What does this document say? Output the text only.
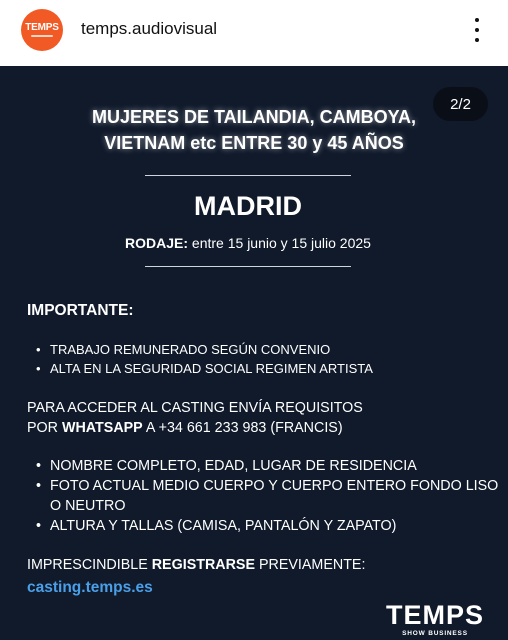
TEMPS temps.audiovisual
2/2
MUJERES DE TAILANDIA, CAMBOYA,
VIETNAM etc ENTRE 30 y 45 AÑOS
MADRID
RODAJE: entre 15 junio y 15 julio 2025
IMPORTANTE:
• TRABAJO REMUNERADO SEGÚN CONVENIO
• ALTA EN LA SEGURIDAD SOCIAL REGIMEN ARTISTA
PARA ACCEDER AL CASTING ENVÍA REQUISITOS
POR WHATSAPP A +34 661 233 983 (FRANCIS)
• NOMBRE COMPLETO, EDAD, LUGAR DE RESIDENCIA
• FOTO ACTUAL MEDIO CUERPO Y CUERPO ENTERO FONDO LISO O NEUTRO
• ALTURA Y TALLAS (CAMISA, PANTALÓN Y ZAPATO)
IMPRESCINDIBLE REGISTRARSE PREVIAMENTE:
casting.temps.es
TEMPS
SHOW BUSINESS
